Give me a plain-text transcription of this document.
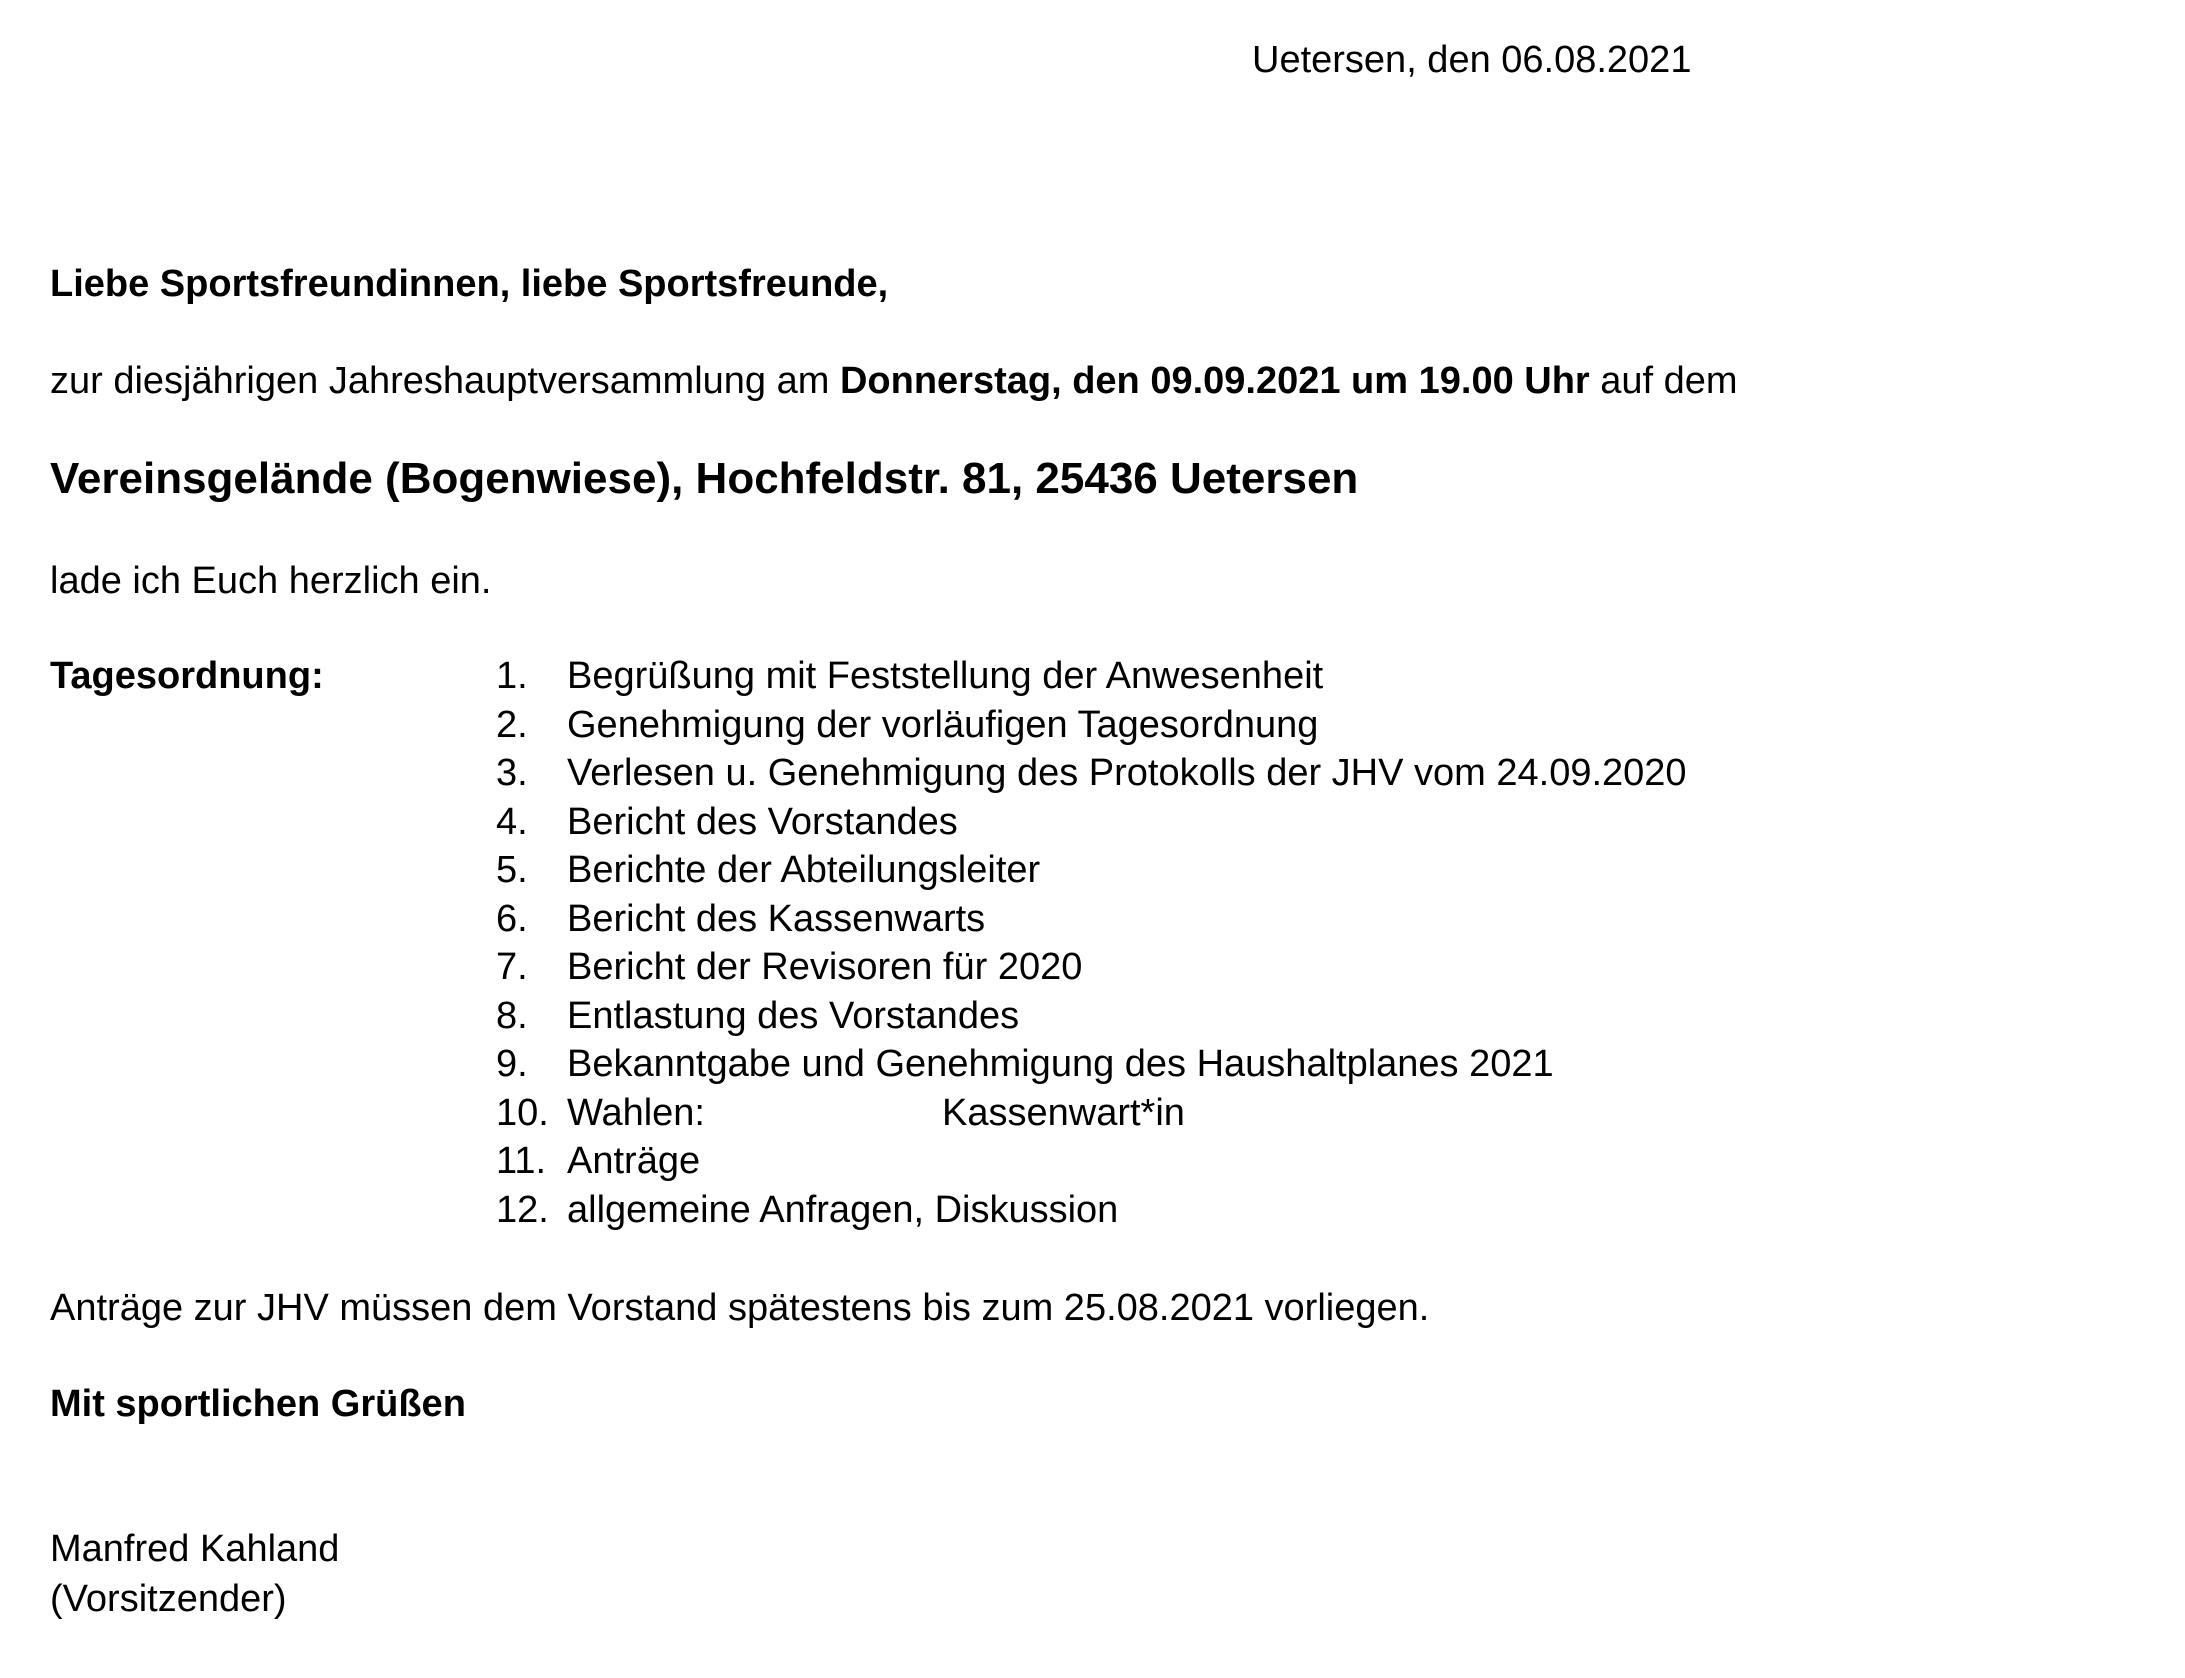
Uetersen, den 06.08.2021
Liebe Sportsfreundinnen, liebe Sportsfreunde,
zur diesjährigen Jahreshauptversammlung am Donnerstag, den 09.09.2021 um 19.00 Uhr auf dem
Vereinsgelände (Bogenwiese), Hochfeldstr. 81, 25436 Uetersen
lade ich Euch herzlich ein.
Tagesordnung:	1. Begrüßung mit Feststellung der Anwesenheit
2. Genehmigung der vorläufigen Tagesordnung
3. Verlesen u. Genehmigung des Protokolls der JHV vom 24.09.2020
4. Bericht des Vorstandes
5. Berichte der Abteilungsleiter
6. Bericht des Kassenwarts
7. Bericht der Revisoren für 2020
8. Entlastung des Vorstandes
9. Bekanntgabe und Genehmigung des Haushaltplanes 2021
10. Wahlen:	Kassenwart*in
11. Anträge
12. allgemeine Anfragen, Diskussion
Anträge zur JHV müssen dem Vorstand spätestens bis zum 25.08.2021 vorliegen.
Mit sportlichen Grüßen
Manfred Kahland
(Vorsitzender)
